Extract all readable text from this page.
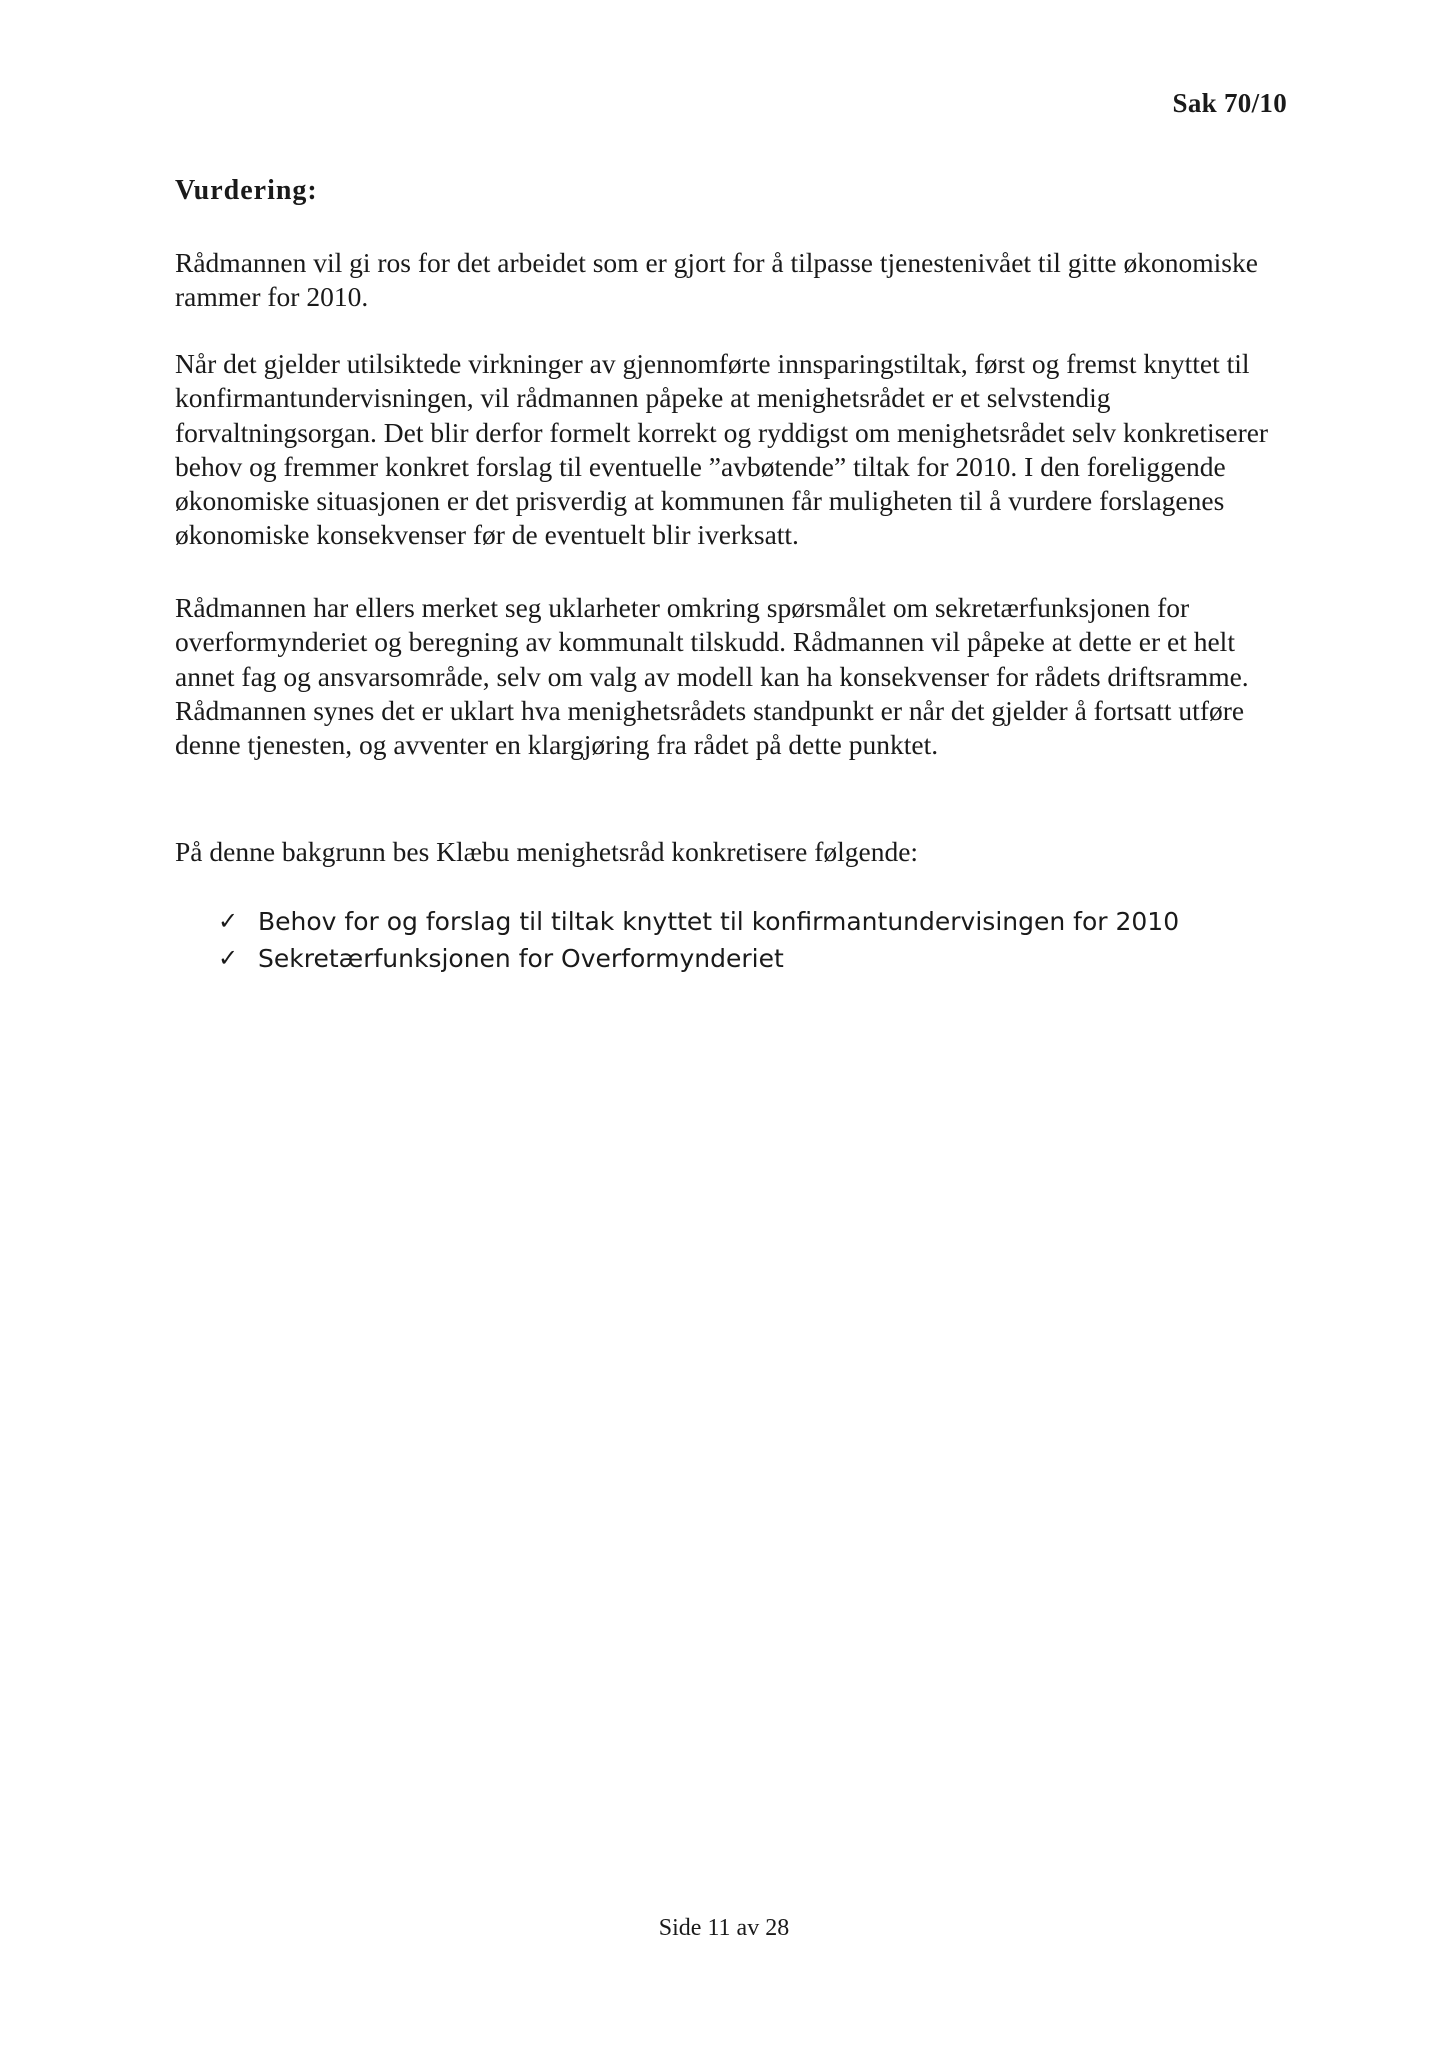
Sak 70/10
Vurdering:

Rådmannen vil gi ros for det arbeidet som er gjort for å tilpasse tjenestenivået til gitte økonomiske rammer for 2010.

Når det gjelder utilsiktede virkninger av gjennomførte innsparingstiltak, først og fremst knyttet til konfirmantundervisningen, vil rådmannen påpeke at menighetsrådet er et selvstendig forvaltningsorgan. Det blir derfor formelt korrekt og ryddigst om menighetsrådet selv konkretiserer behov og fremmer konkret forslag til eventuelle ”avbøtende” tiltak for 2010. I den foreliggende økonomiske situasjonen er det prisverdig at kommunen får muligheten til å vurdere forslagenes økonomiske konsekvenser før de eventuelt blir iverksatt.

Rådmannen har ellers merket seg uklarheter omkring spørsmålet om sekretærfunksjonen for overformynderiet og beregning av kommunalt tilskudd. Rådmannen vil påpeke at dette er et helt annet fag og ansvarsområde, selv om valg av modell kan ha konsekvenser for rådets driftsramme. Rådmannen synes det er uklart hva menighetsrådets standpunkt er når det gjelder å fortsatt utføre denne tjenesten, og avventer en klargjøring fra rådet på dette punktet.

På denne bakgrunn bes Klæbu menighetsråd konkretisere følgende:

✓ Behov for og forslag til tiltak knyttet til konfirmantundervisingen for 2010
✓ Sekretærfunksjonen for Overformynderiet
Side 11 av 28
